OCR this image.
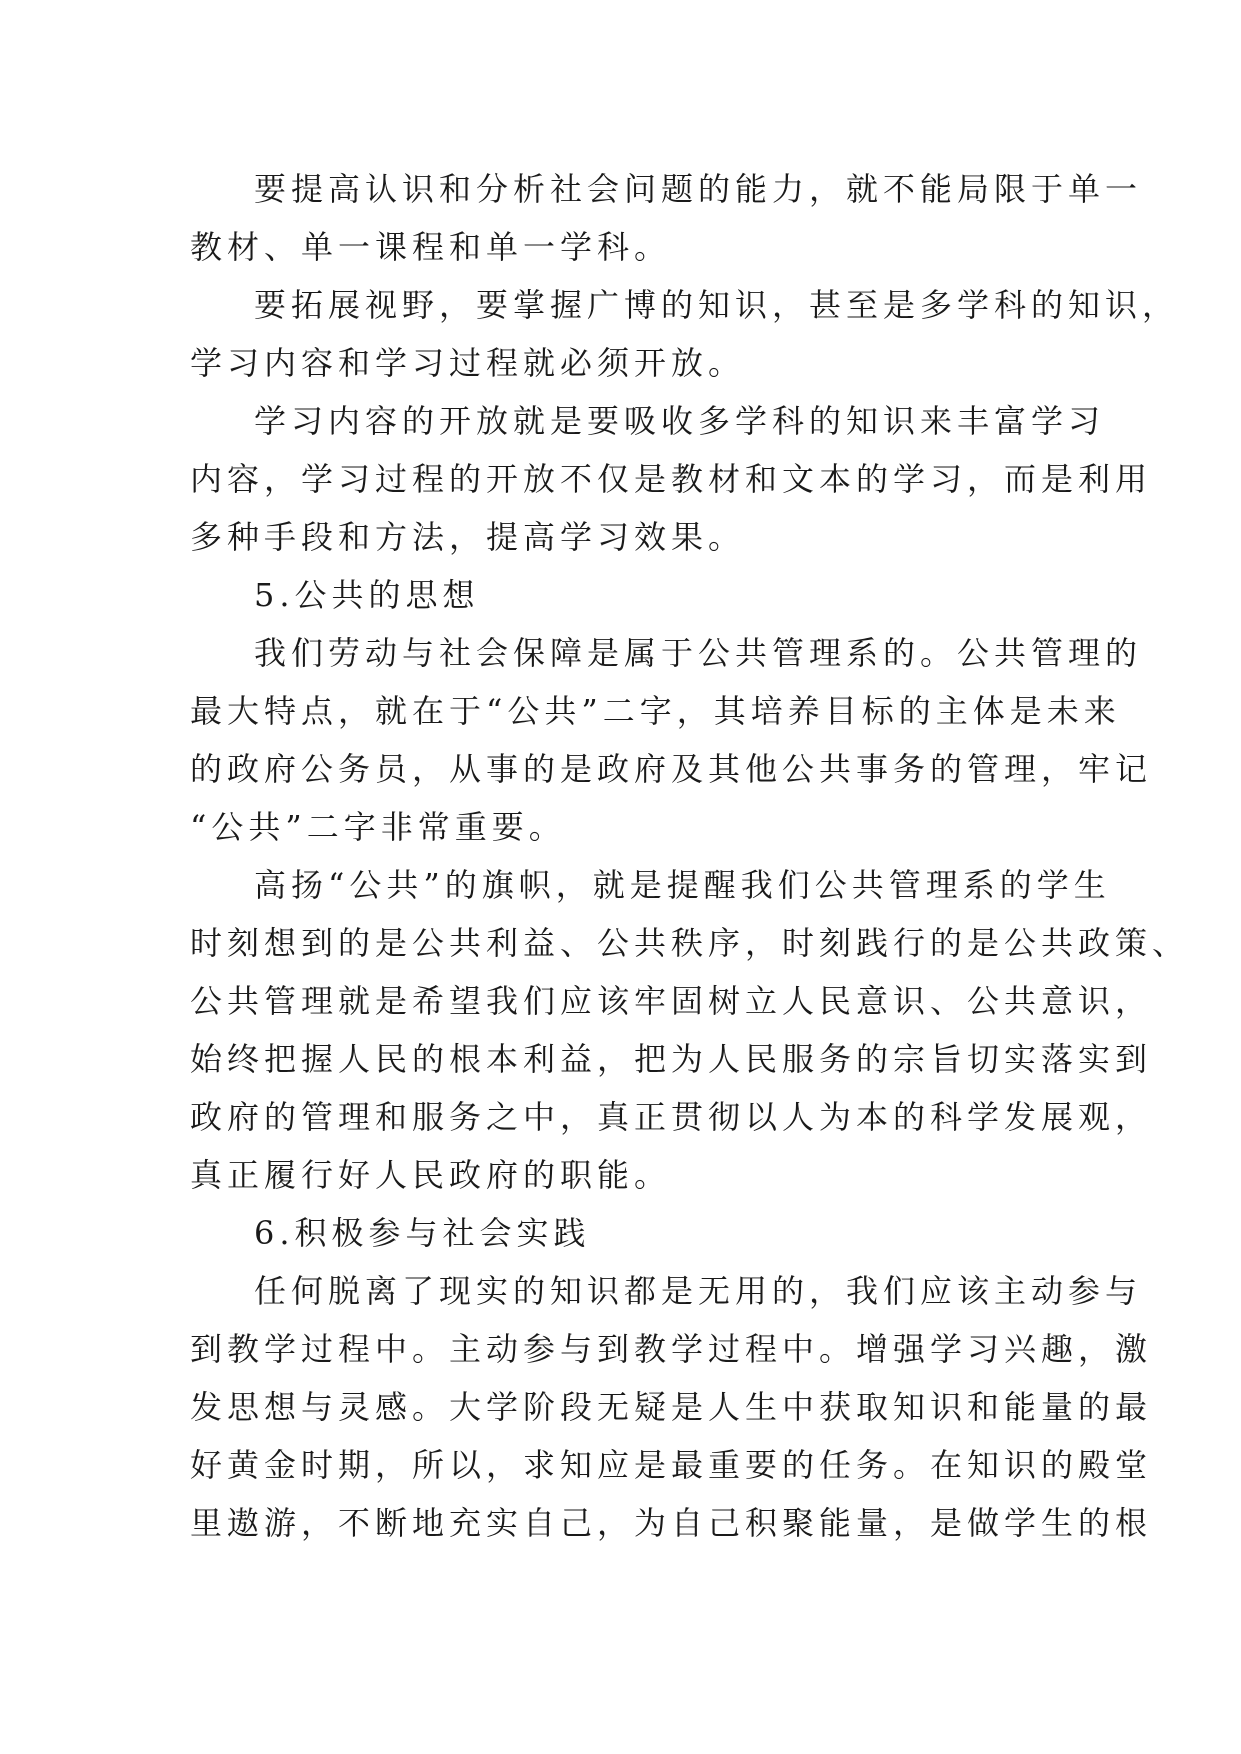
要提高认识和分析社会问题的能力，就不能局限于单一
教材、单一课程和单一学科。
要拓展视野，要掌握广博的知识，甚至是多学科的知识，
学习内容和学习过程就必须开放。
学习内容的开放就是要吸收多学科的知识来丰富学习
内容，学习过程的开放不仅是教材和文本的学习，而是利用
多种手段和方法，提高学习效果。
5.公共的思想
我们劳动与社会保障是属于公共管理系的。公共管理的
最大特点，就在于“公共”二字，其培养目标的主体是未来
的政府公务员，从事的是政府及其他公共事务的管理，牢记
“公共”二字非常重要。
高扬“公共”的旗帜，就是提醒我们公共管理系的学生
时刻想到的是公共利益、公共秩序，时刻践行的是公共政策、
公共管理就是希望我们应该牢固树立人民意识、公共意识，
始终把握人民的根本利益，把为人民服务的宗旨切实落实到
政府的管理和服务之中，真正贯彻以人为本的科学发展观，
真正履行好人民政府的职能。
6.积极参与社会实践
任何脱离了现实的知识都是无用的，我们应该主动参与
到教学过程中。主动参与到教学过程中。增强学习兴趣，激
发思想与灵感。大学阶段无疑是人生中获取知识和能量的最
好黄金时期，所以，求知应是最重要的任务。在知识的殿堂
里遨游，不断地充实自己，为自己积聚能量，是做学生的根
